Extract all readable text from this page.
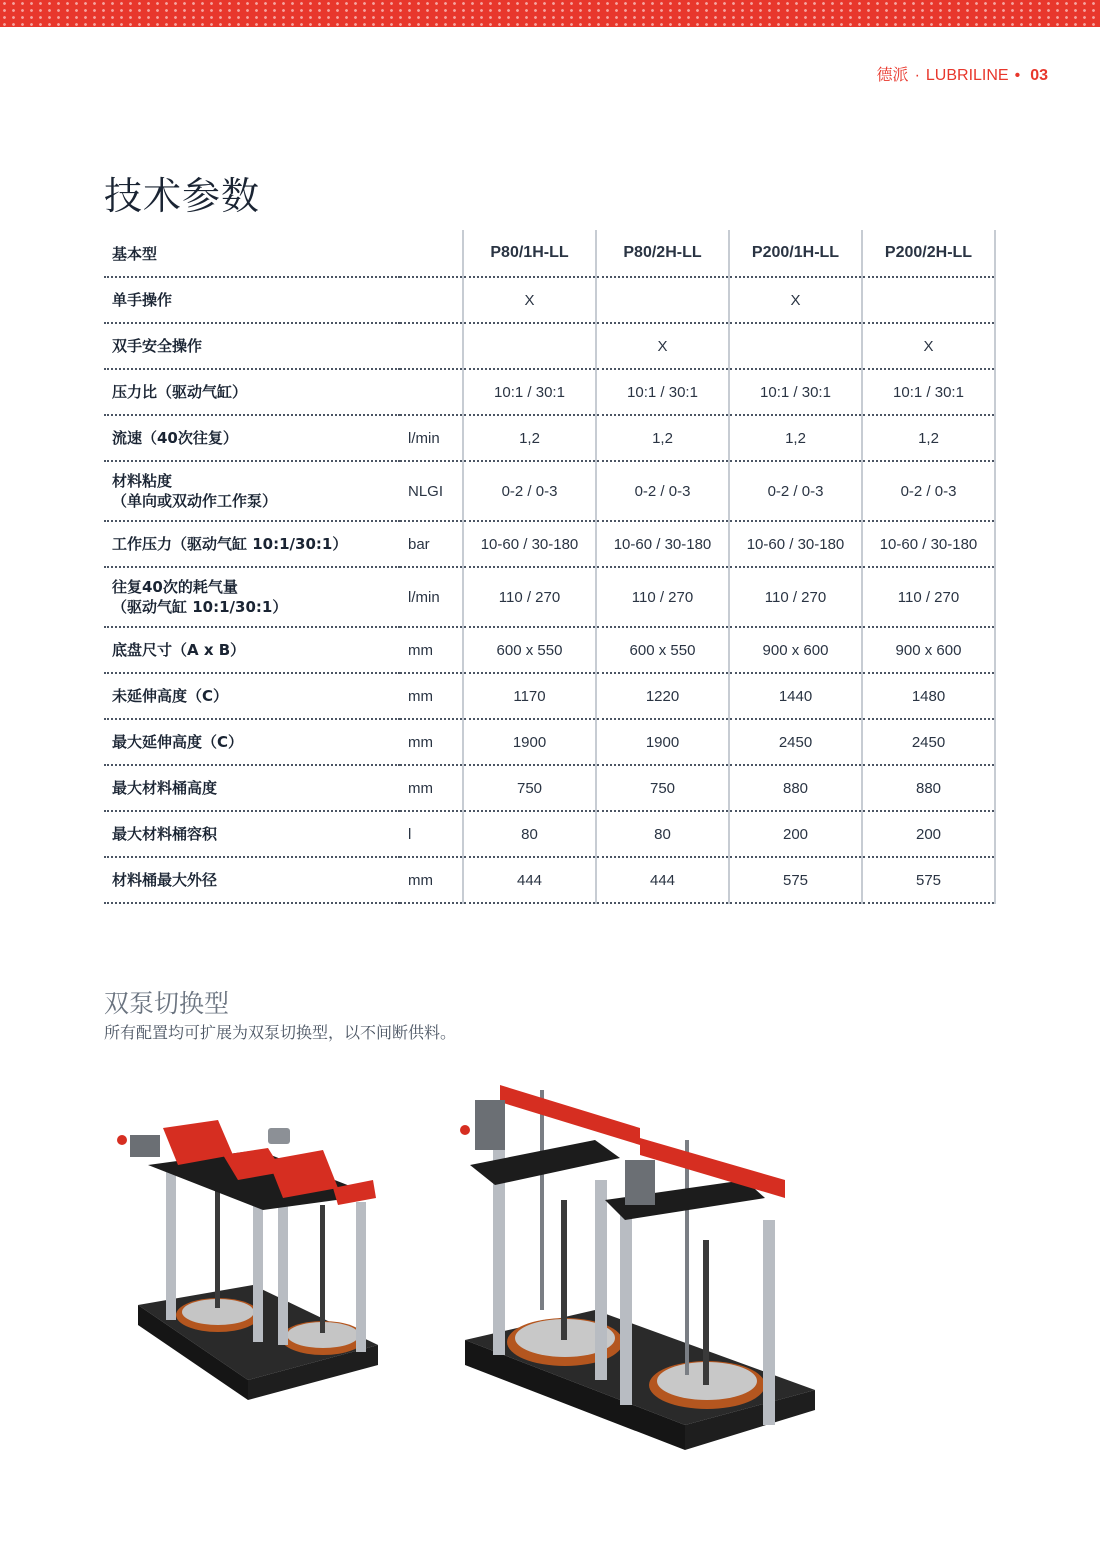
德派 · LUBRILINE • 03
技术参数
基本型		P80/1H-LL	P80/2H-LL	P200/1H-LL	P200/2H-LL

单手操作		X		X	

双手安全操作			X		X

压力比（驱动气缸）		10:1 / 30:1	10:1 / 30:1	10:1 / 30:1	10:1 / 30:1

流速（40次往复）	l/min	1,2	1,2	1,2	1,2

材料粘度
（单向或双动作工作泵）	NLGI	0-2 / 0-3	0-2 / 0-3	0-2 / 0-3	0-2 / 0-3

工作压力（驱动气缸 10:1/30:1）	bar	10-60 / 30-180	10-60 / 30-180	10-60 / 30-180	10-60 / 30-180

往复40次的耗气量
（驱动气缸 10:1/30:1）	l/min	110 / 270	110 / 270	110 / 270	110 / 270

底盘尺寸（A x B）	mm	600 x 550	600 x 550	900 x 600	900 x 600

未延伸高度（C）	mm	1170	1220	1440	1480

最大延伸高度（C）	mm	1900	1900	2450	2450

最大材料桶高度	mm	750	750	880	880

最大材料桶容积	l	80	80	200	200

材料桶最大外径	mm	444	444	575	575
双泵切换型
所有配置均可扩展为双泵切换型，以不间断供料。
